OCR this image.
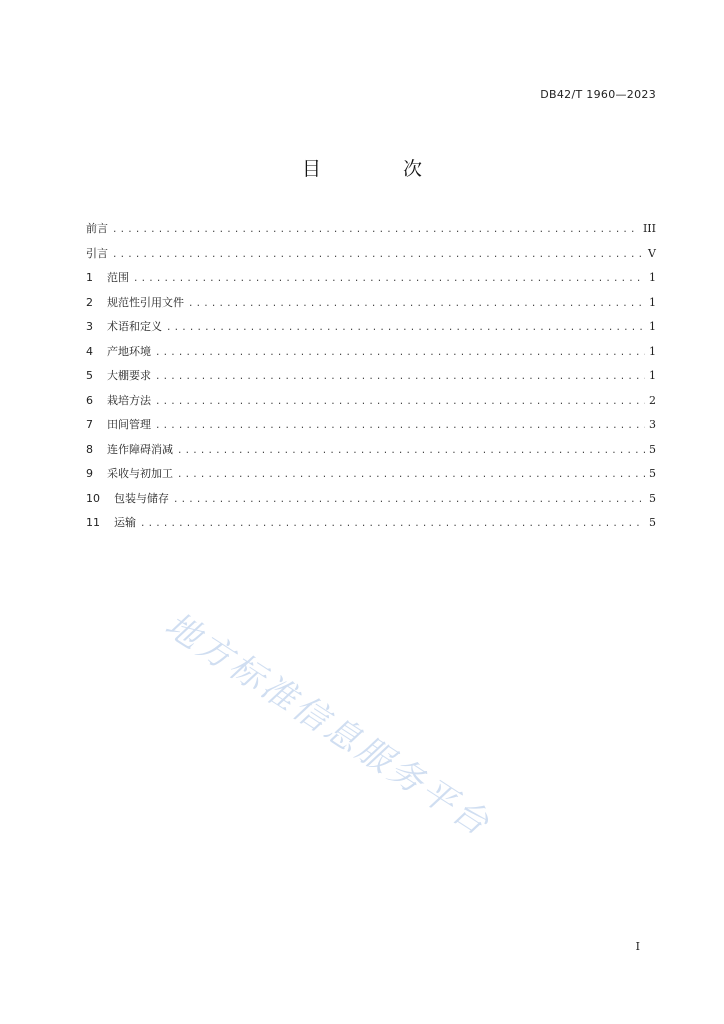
DB42/T 1960—2023
目 次
前言 .....	III
引言 .....	V
1 范围 .....	1
2 规范性引用文件 .....	1
3 术语和定义 .....	1
4 产地环境 .....	1
5 大棚要求 .....	1
6 栽培方法 .....	2
7 田间管理 .....	3
8 连作障碍消减 .....	5
9 采收与初加工 .....	5
10 包装与储存 .....	5
11 运输 .....	5
地方标准信息服务平台
I
